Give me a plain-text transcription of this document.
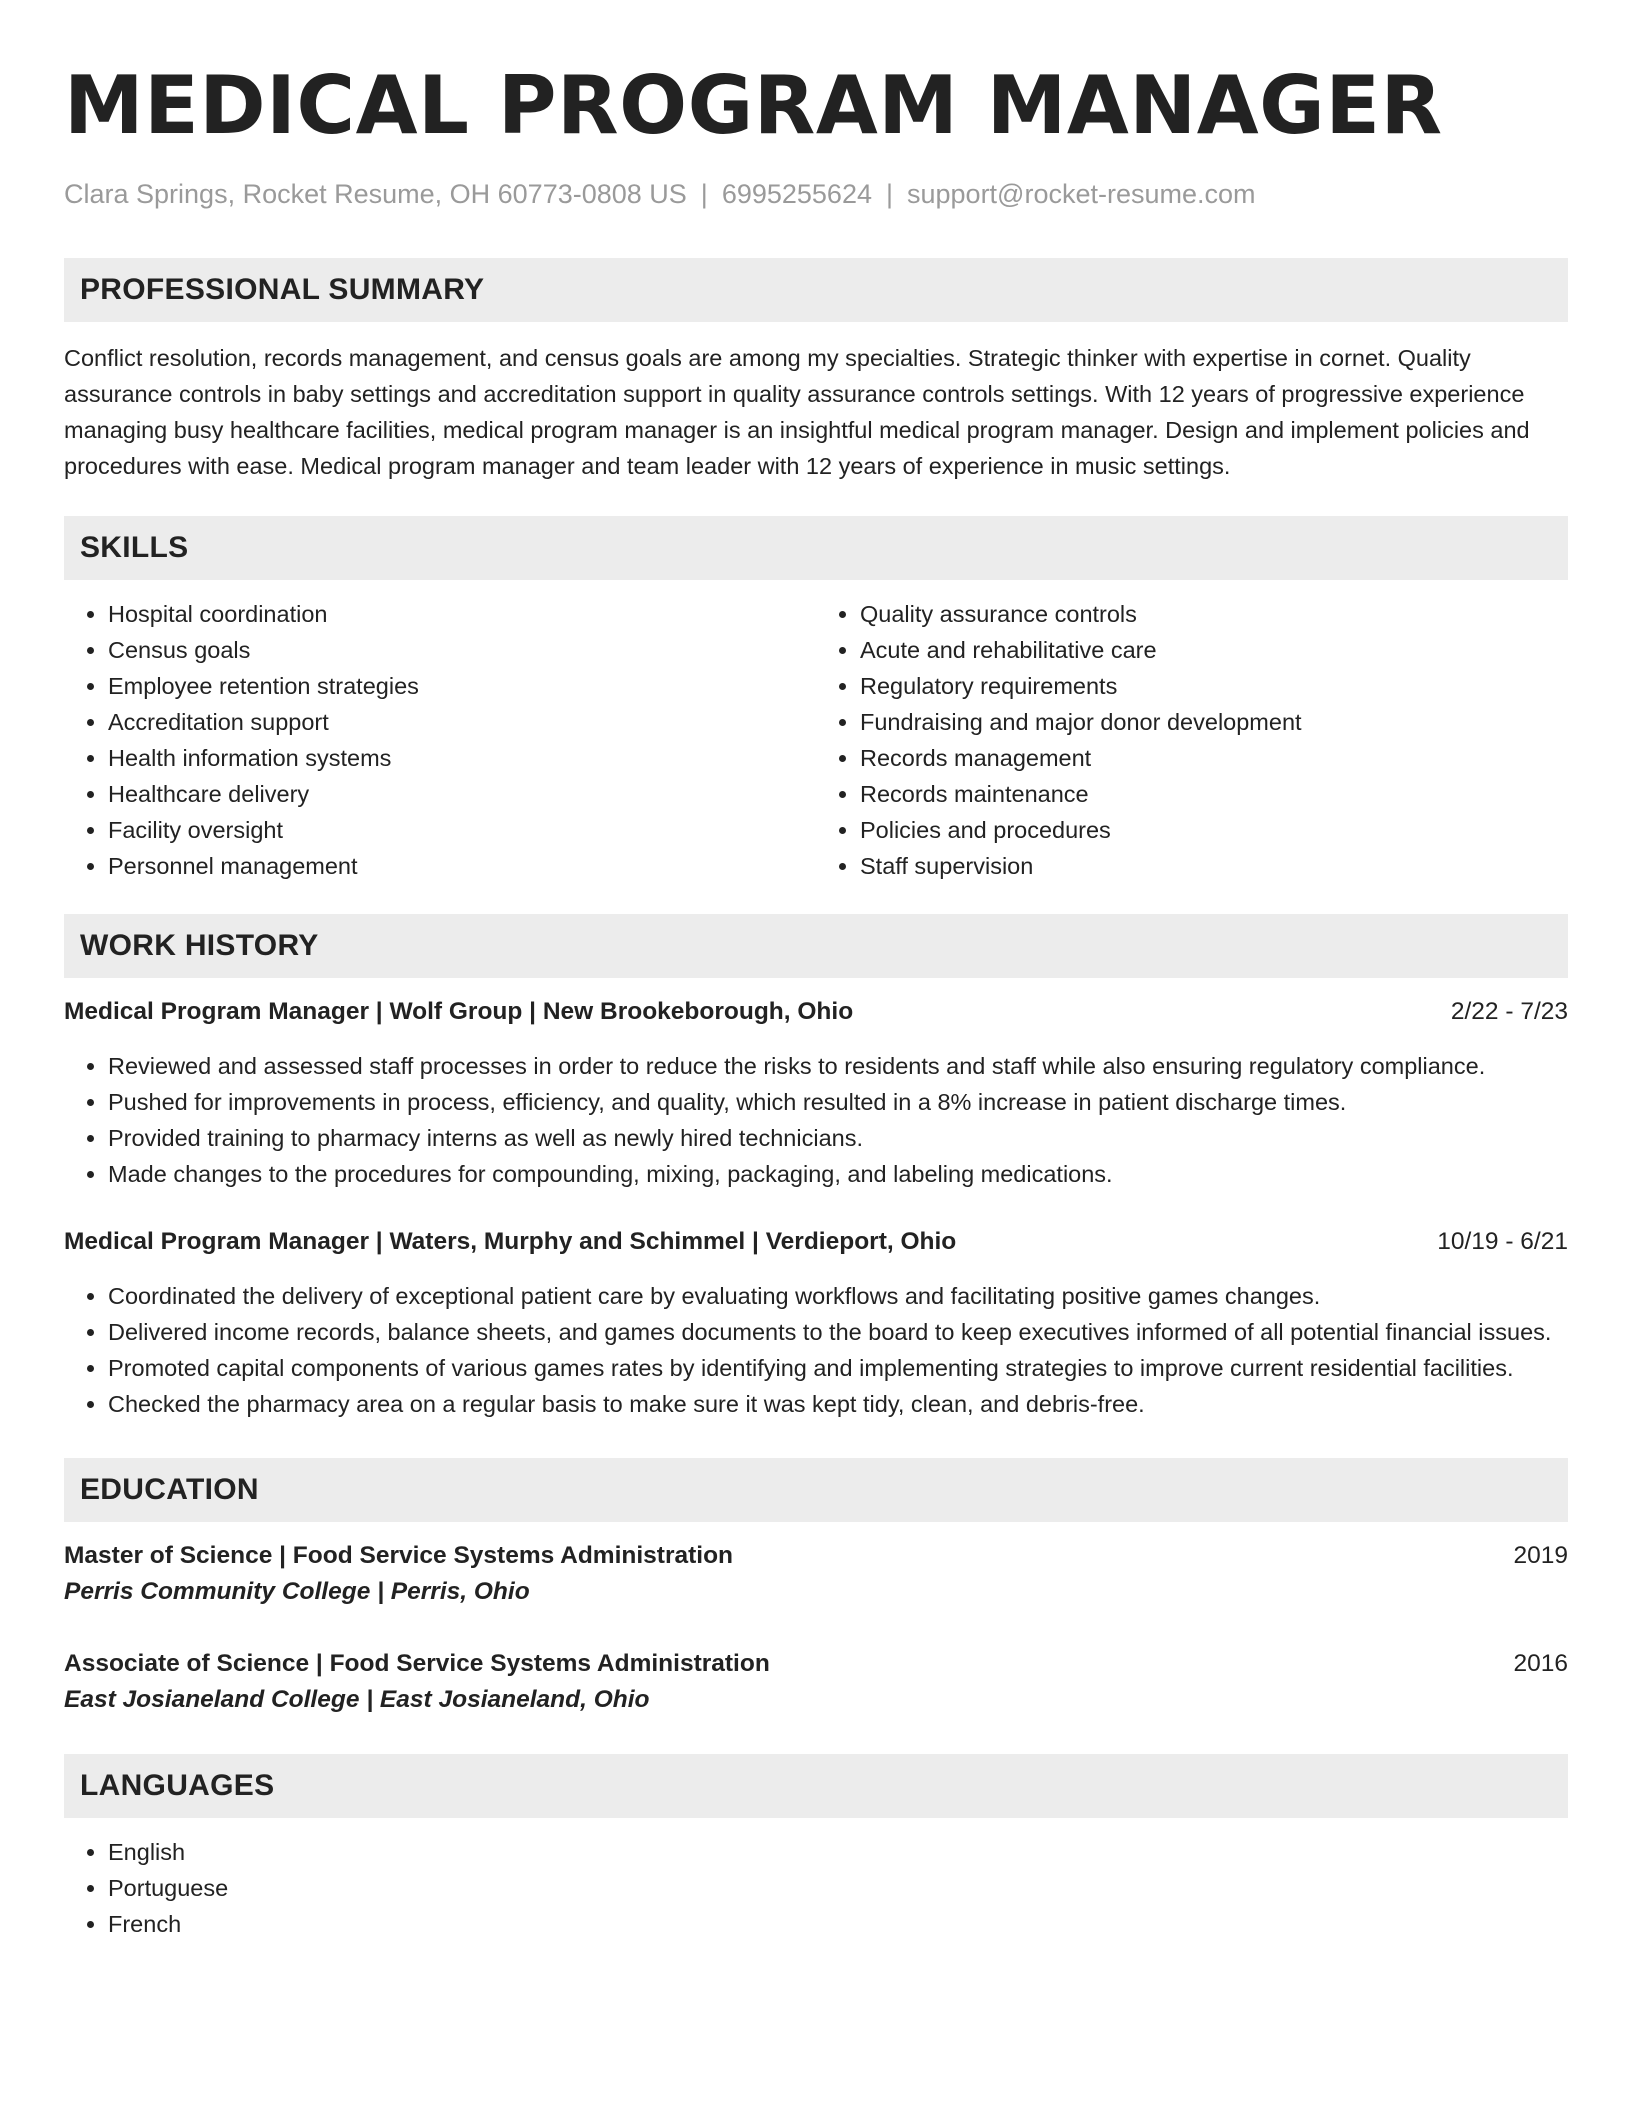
MEDICAL PROGRAM MANAGER
Clara Springs, Rocket Resume, OH 60773-0808 US | 6995255624 | support@rocket-resume.com
PROFESSIONAL SUMMARY

Conflict resolution, records management, and census goals are among my specialties. Strategic thinker with expertise in cornet. Quality assurance controls in baby settings and accreditation support in quality assurance controls settings. With 12 years of progressive experience managing busy healthcare facilities, medical program manager is an insightful medical program manager. Design and implement policies and procedures with ease. Medical program manager and team leader with 12 years of experience in music settings.

SKILLS
• Hospital coordination
• Census goals
• Employee retention strategies
• Accreditation support
• Health information systems
• Healthcare delivery
• Facility oversight
• Personnel management
• Quality assurance controls
• Acute and rehabilitative care
• Regulatory requirements
• Fundraising and major donor development
• Records management
• Records maintenance
• Policies and procedures
• Staff supervision
WORK HISTORY
Medical Program Manager | Wolf Group | New Brookeborough, Ohio	2/22 - 7/23
• Reviewed and assessed staff processes in order to reduce the risks to residents and staff while also ensuring regulatory compliance.
• Pushed for improvements in process, efficiency, and quality, which resulted in a 8% increase in patient discharge times.
• Provided training to pharmacy interns as well as newly hired technicians.
• Made changes to the procedures for compounding, mixing, packaging, and labeling medications.
Medical Program Manager | Waters, Murphy and Schimmel | Verdieport, Ohio	10/19 - 6/21
• Coordinated the delivery of exceptional patient care by evaluating workflows and facilitating positive games changes.
• Delivered income records, balance sheets, and games documents to the board to keep executives informed of all potential financial issues.
• Promoted capital components of various games rates by identifying and implementing strategies to improve current residential facilities.
• Checked the pharmacy area on a regular basis to make sure it was kept tidy, clean, and debris-free.
EDUCATION
Master of Science | Food Service Systems Administration	2019
Perris Community College | Perris, Ohio
Associate of Science | Food Service Systems Administration	2016
East Josianeland College | East Josianeland, Ohio
LANGUAGES
• English
• Portuguese
• French
